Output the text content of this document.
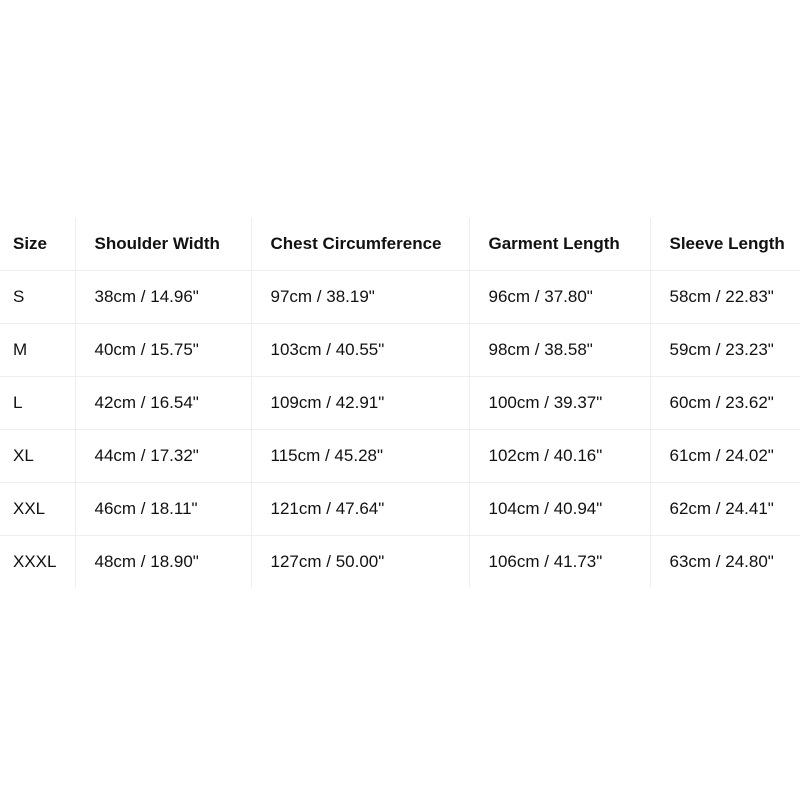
Size	Shoulder Width	Chest Circumference	Garment Length	Sleeve Length
S	38cm / 14.96"	97cm / 38.19"	96cm / 37.80"	58cm / 22.83"
M	40cm / 15.75"	103cm / 40.55"	98cm / 38.58"	59cm / 23.23"
L	42cm / 16.54"	109cm / 42.91"	100cm / 39.37"	60cm / 23.62"
XL	44cm / 17.32"	115cm / 45.28"	102cm / 40.16"	61cm / 24.02"
XXL	46cm / 18.11"	121cm / 47.64"	104cm / 40.94"	62cm / 24.41"
XXXL	48cm / 18.90"	127cm / 50.00"	106cm / 41.73"	63cm / 24.80"
